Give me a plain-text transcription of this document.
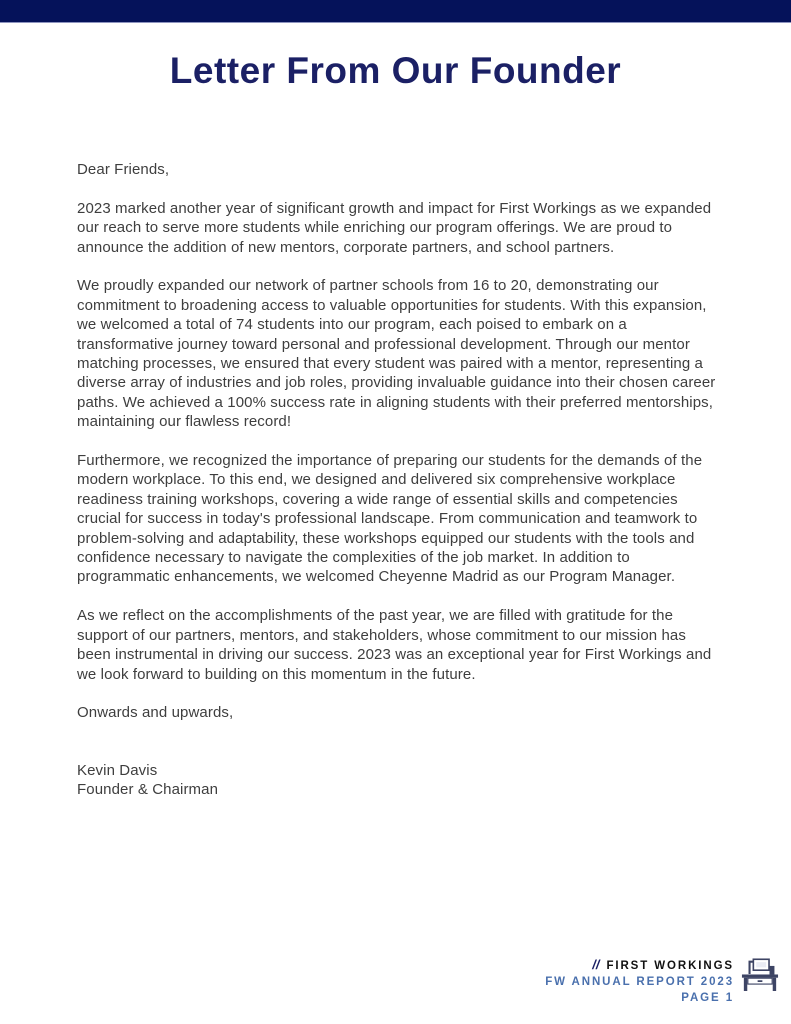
Letter From Our Founder

Dear Friends,

2023 marked another year of significant growth and impact for First Workings as we expanded our reach to serve more students while enriching our program offerings. We are proud to announce the addition of new mentors, corporate partners, and school partners.

We proudly expanded our network of partner schools from 16 to 20, demonstrating our commitment to broadening access to valuable opportunities for students. With this expansion, we welcomed a total of 74 students into our program, each poised to embark on a transformative journey toward personal and professional development. Through our mentor matching processes, we ensured that every student was paired with a mentor, representing a diverse array of industries and job roles, providing invaluable guidance into their chosen career paths. We achieved a 100% success rate in aligning students with their preferred mentorships, maintaining our flawless record!

Furthermore, we recognized the importance of preparing our students for the demands of the modern workplace. To this end, we designed and delivered six comprehensive workplace readiness training workshops, covering a wide range of essential skills and competencies crucial for success in today's professional landscape. From communication and teamwork to problem-solving and adaptability, these workshops equipped our students with the tools and confidence necessary to navigate the complexities of the job market. In addition to programmatic enhancements, we welcomed Cheyenne Madrid as our Program Manager.

As we reflect on the accomplishments of the past year, we are filled with gratitude for the support of our partners, mentors, and stakeholders, whose commitment to our mission has been instrumental in driving our success. 2023 was an exceptional year for First Workings and we look forward to building on this momentum in the future.

Onwards and upwards,

Kevin Davis
Founder & Chairman
// FIRST WORKINGS
FW ANNUAL REPORT 2023
PAGE 1
